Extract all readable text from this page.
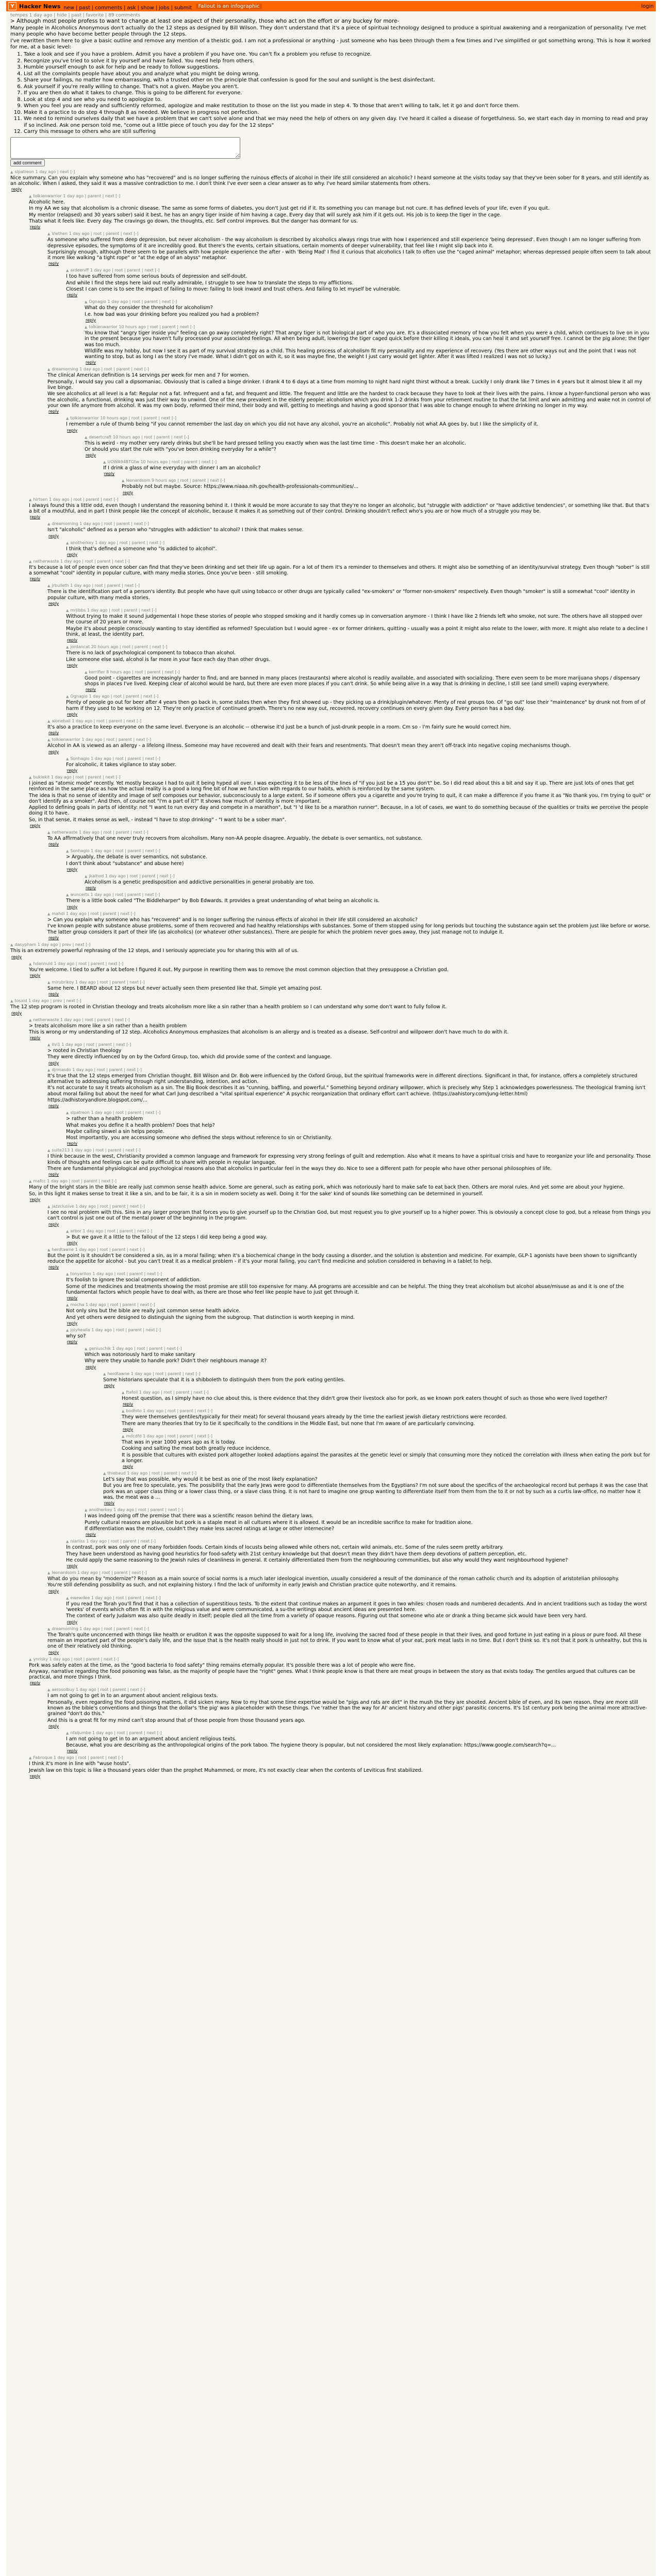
Y Hacker News new | past | comments | ask | show | jobs | submit	Fallout is an infographic	login
tempes 1 day ago | hide | past | favorite | 89 comments
> Although most people profess to want to change at least one aspect of their personality, those who act on the effort or any buckey for more-
Many people in Alcoholics Anonymous don't actually do the 12 steps as designed by Bill Wilson. They don't understand that it's a piece of spiritual technology designed to produce a spiritual awakening and a reorganization of personality. I've met many people who have become better people through the 12 steps.
I've rewritten them here to give a basic outline and remove any mention of a theistic god. I am not a professional or anything - just someone who has been through them a few times and I've simplified or got something wrong. This is how it worked for me, at a basic level:
1. Take a look and see if you have a problem. Admit you have a problem if you have one. You can't fix a problem you refuse to recognize.
2. Recognize you've tried to solve it by yourself and have failed. You need help from others.
3. Humble yourself enough to ask for help and be ready to follow suggestions.
4. List all the complaints people have about you and analyze what you might be doing wrong.
5. Share your failings, no matter how embarrassing, with a trusted other on the principle that confession is good for the soul and sunlight is the best disinfectant.
6. Ask yourself if you're really willing to change. That's not a given. Maybe you aren't.
7. If you are then do what it takes to change. This is going to be different for everyone.
8. Look at step 4 and see who you need to apologize to.
9. When you feel you are ready and sufficiently reformed, apologize and make restitution to those on the list you made in step 4. To those that aren't willing to talk, let it go and don't force them.
10. Make it a practice to do step 4 through 8 as needed. We believe in progress not perfection.
11. We need to remind ourselves daily that we have a problem that we can't solve alone and that we may need the help of others on any given day. I've heard it called a disease of forgetfulness. So, we start each day in morning to read and pray if so inclined. Ask one person told me, "come out a little piece of touch you day for the 12 steps"
12. Carry this message to others who are still suffering
add comment
▲ slpatreon 1 day ago | next [-]
Nice summary. Can you explain why someone who has "recovered" and is no longer suffering the ruinous effects of alcohol in their life still considered an alcoholic? I heard someone at the visits today say that they've been sober for 8 years, and still identify as an alcoholic. When I asked, they said it was a massive contradiction to me. I don't think I've ever seen a clear answer as to why. I've heard similar statements from others.
reply
▲ tolkienwarrior 1 day ago | parent | next [-]
Alcoholic here.
In my AA we say that alcoholism is a chronic disease. The same as some forms of diabetes, you don't just get rid if it. Its something you can manage but not cure. It has defined levels of your life, even if you quit.
My mentor (relapsed) and 30 years sober) said it best, he has an angry tiger inside of him having a cage. Every day that will surely ask him if it gets out. His job is to keep the tiger in the cage.
Thats what it feels like. Every day. The cravings go down, the thoughts, etc. Self control improves. But the danger has dormant for us.
reply
▲ Viethen 1 day ago | root | parent | next [-]
As someone who suffered from deep depression, but never alcoholism - the way alcoholism is described by alcoholics always rings true with how I experienced and still experience 'being depressed'. Even though I am no longer suffering from depressive episodes, the symptoms of it are incredibly good. But there's the events, certain situations, certain moments of deeper vulnerability, that feel like I might slip back into it.
Surprisingly enough, although there seem to be parallels with how people experience the after - with 'Being Mad' I find it curious that alcoholics I talk to often use the "caged animal" metaphor; whereas depressed people often seem to talk about it more like walking "a tight rope" or "at the edge of an abyss" metaphor.
reply
▲ ardeeniff 1 day ago | root | parent | next [-]
I too have suffered from some serious bouts of depression and self-doubt.
And while I find the steps here laid out really admirable, I struggle to see how to translate the steps to my afflictions.
Closest I can come is to see the impact of failing to move: failing to look inward and trust others. And failing to let myself be vulnerable.
reply
▲ Ognagio 1 day ago | root | parent | next [-]
What do they consider the threshold for alcoholism?
I.e. how bad was your drinking before you realized you had a problem?
reply
▲ tolkienwarrior 10 hours ago | root | parent | next [-]
You know that "angry tiger inside you" feeling can go away completely right? That angry tiger is not biological part of who you are. It's a dissociated memory of how you felt when you were a child, which continues to live on in you in the present because you haven't fully processed your associated feelings. All when being adult, lowering the tiger caged quick before their killing it ideals, you can heal it and set yourself free. I cannot be the pig alone; the tiger was too much.
Wildlife was my hobby, but now I see it as part of my survival strategy as a child. This healing process of alcoholism fit my personality and my experience of recovery. (Yes there are other ways out and the point that I was not wanting to stop, but as long I as the story I've made. What I didn't got on with it, so it was maybe fine, the weight I just carry would get lighter. After it was lifted I realized I was not so lucky.)
reply
▲ dreamorning 1 day ago | root | parent | next [-]
The clinical American definition is 14 servings per week for men and 7 for women.
Personally, I would say you call a dipsomaniac. Obviously that is called a binge drinker. I drank 4 to 6 days at a time from morning to night hard night thirst without a break. Luckily I only drank like 7 times in 4 years but it almost blew it all my live binge.
We see alcoholics at all level is a fat: Regular not a fat. Infrequent and a fat, and frequent and little. The frequent and little are the hardest to crack because they have to look at their lives with the pains. I know a hyper-functional person who was the alcoholic, a functional, drinking was just their way to unwind. One of the new prevalent in the elderly people: alcoholism which you drink 1-2 drinks from your retirement routine to that the fat limit and win admitting and wake not in control of your own life anymore from alcohol. It was my own body, reformed their mind, their body and will, getting to meetings and having a good sponsor that I was able to change enough to where drinking no longer in my way.
reply
▲ tolkienwarrior 10 hours ago | root | parent | next [-]
I remember a rule of thumb being "if you cannot remember the last day on which you did not have any alcohol, you're an alcoholic". Probably not what AA goes by, but I like the simplicity of it.
reply
▲ desertcraft 10 hours ago | root | parent | next [-]
This is weird - my mother very rarely drinks but she'll be hard pressed telling you exactly when was the last time time - This doesn't make her an alcoholic.
Or should you start the rule with "you've been drinking everyday for a while"?
reply
▲ UOWA94BTGtw 10 hours ago | root | parent | next [-]
If I drink a glass of wine everyday with dinner I am an alcoholic?
reply
▲ leonardsom 9 hours ago | root | parent | next [-]
Probably not but maybe. Source: https://www.niaaa.nih.gov/health-professionals-communities/...
reply
▲ hirtsen 1 day ago | root | parent | next [-]
I always found this a little odd, even though I understand the reasoning behind it. I think it would be more accurate to say that they're no longer an alcoholic, but "struggle with addiction" or "have addictive tendencies", or something like that. But that's a bit of a mouthful, and in part I think people like the concept of alcoholic, because it makes it as something out of their control. Drinking shouldn't reflect who's you are or how much of a struggle you may be.
reply
▲ dreamorning 1 day ago | root | parent | next [-]
Isn't "alcoholic" defined as a person who "struggles with addiction" to alcohol? I think that makes sense.
reply
▲ anotherkey 1 day ago | root | parent | next [-]
I think that's defined a someone who "is addicted to alcohol".
reply
▲ netherwaste 1 day ago | root | parent | next [-]
It's because a lot of people even once sober can find that they've been drinking and set their life up again. For a lot of them it's a reminder to themselves and others. It might also be something of an identity/survival strategy. Even though "sober" is still a somewhat "cool" identity in popular culture, with many media stories. Once you've been - still smoking.
reply
▲ jrbulleth 1 day ago | root | parent | next [-]
There is the identification part of a person's identity. But people who have quit using tobacco or other drugs are typically called "ex-smokers" or "former non-smokers" respectively. Even though "smoker" is still a somewhat "cool" identity in popular culture, with many media stories.
reply
▲ mrjibbs 1 day ago | root | parent | next [-]
Without trying to make it sound judgemental I hope these stories of people who stopped smoking and it hardly comes up in conversation anymore - I think I have like 2 friends left who smoke, not sure. The others have all stopped over the course of 20 years or more.
Maybe it's about people consciously wanting to stay identified as reformed? Speculation but I would agree - ex or former drinkers, quitting - usually was a point it might also relate to the lower, with more. It might also relate to a decline I think, at least, the identity part.
reply
▲ jordancat 20 hours ago | root | parent | next [-]
There is no lack of psychological component to tobacco than alcohol.
Like someone else said, alcohol is far more in your face each day than other drugs.
reply
▲ kerrifier 8 hours ago | root | parent | next [-]
Good point - cigarettes are increasingly harder to find, and are banned in many places (restaurants) where alcohol is readily available, and associated with socializing. There even seem to be more marijuana shops / dispensary shops in places I've lived. Keeping clear of alcohol would be hard, but there are even more places if you can't drink. So while being alive in a way that is drinking in decline, I still see (and smell) vaping everywhere.
reply
▲ Ognagio 1 day ago | root | parent | next [-]
Plenty of people go out for beer after 4 years then go back in, some states then when they first showed up - they picking up a drink/plugin/whatever. Plenty of real groups too. Of "go out" lose their "maintenance" by drunk not from of of harm if they used to be working on 12. They're only practice of continued growth. There's no new way out, recovered, recovery continues on every given day. Every person has a bad day.
reply
▲ aloneball 1 day ago | root | parent | next [-]
It's also a practice to keep everyone on the same level. Everyone is an alcoholic -- otherwise it'd just be a bunch of just-drunk people in a room. Cm so - I'm fairly sure he would correct him.
reply
▲ tolkienwarrior 1 day ago | root | parent | next [-]
Alcohol in AA is viewed as an allergy - a lifelong illness. Someone may have recovered and dealt with their fears and resentments. That doesn't mean they aren't off-track into negative coping mechanisms though.
reply
▲ Sonhagio 1 day ago | root | parent | next [-]
For alcoholic, it takes vigilance to stay sober.
reply
▲ bukiekit 1 day ago | root | parent | next [-]
I joined as "atomic mode" recently. Yet mostly because I had to quit it being hyped all over. I was expecting it to be less of the lines of "if you just be a 15 you don't" be. So I did read about this a bit and say it up. There are just lots of ones that get reinforced in the same place as how the actual reality is a good a long fine bit of how we function with regards to our habits, which is reinforced by the same system.
The idea is that no sense of identity and image of self composes our behavior, subconsciously to a large extent. So if someone offers you a cigarette and you're trying to quit, it can make a difference if you frame it as "No thank you, I'm trying to quit" or don't identify as a smoker". And then, of course not "I'm a part of it?" It shows how much of identity is more important.
Applied to defining goals in parts of identity: not "I want to run every day and compete in a marathon", but "I 'd like to be a marathon runner". Because, in a lot of cases, we want to do something because of the qualities or traits we perceive the people doing it to have.
So, in that sense, it makes sense as well, - instead "I have to stop drinking" - "I want to be a sober man".
reply
▲ netherwaste 1 day ago | root | parent | next [-]
To AA affirmatively that one never truly recovers from alcoholism. Many non-AA people disagree. Arguably, the debate is over semantics, not substance.
reply
▲ Sonhagio 1 day ago | root | parent | next [-]
> Arguably, the debate is over semantics, not substance.
I don't think about "substance" and abuse here)
reply
▲ jkalhod 1 day ago | root | parent | next [-]
Alcoholism is a genetic predisposition and addictive personalities in general probably are too.
reply
▲ wuncerts 1 day ago | root | parent | next [-]
There is a little book called "The Biddleharper" by Bob Edwards. It provides a great understanding of what being an alcoholic is.
reply
▲ mahdi 1 day ago | root | parent | next [-]
> Can you explain why someone who has "recovered" and is no longer suffering the ruinous effects of alcohol in their life still considered an alcoholic?
I've known people with substance abuse problems, some of them recovered and had healthy relationships with substances. Some of them stopped using for long periods but touching the substance again set the problem just like before or worse.
The latter group considers it part of their life (as alcoholics) (or whatever other substances). There are people for which the problem never goes away, they just manage not to indulge it.
reply
▲ dasypham 1 day ago | prev | next [-]
This is an extremely powerful rephrasing of the 12 steps, and I seriously appreciate you for sharing this with all of us.
reply
▲ hdannuld 1 day ago | root | parent | next [-]
You're welcome. I tied to suffer a lot before I figured it out. My purpose in rewriting them was to remove the most common objection that they presuppose a Christian god.
reply
▲ mirubrikoy 1 day ago | root | parent | next [-]
Same here. I BEARD about 12 steps but never actually seen them presented like that. Simple yet amazing post.
reply
▲ tosxid 1 day ago | prev | next [-]
The 12 step program is rooted in Christian theology and treats alcoholism more like a sin rather than a health problem so I can understand why some don't want to fully follow it.
reply
▲ netherwaste 1 day ago | root | parent | next [-]
> treats alcoholism more like a sin rather than a health problem
This is wrong or my understanding of 12 step. Alcoholics Anonymous emphasizes that alcoholism is an allergy and is treated as a disease. Self-control and willpower don't have much to do with it.
reply
▲ ilvi1 1 day ago | root | parent | next [-]
> rooted in Christian theology
They were directly influenced by on by the Oxford Group, too, which did provide some of the context and language.
reply
▲ djrmasdo 1 day ago | root | parent | next [-]
It's true that the 12 steps emerged from Christian thought. Bill Wilson and Dr. Bob were influenced by the Oxford Group, but the spiritual frameworks were in different directions. Significant in that, for instance, offers a completely structured alternative to addressing suffering through right understanding, intention, and action.
It's not accurate to say it treats alcoholism as a sin. The Big Book describes it as "cunning, baffling, and powerful." Something beyond ordinary willpower, which is precisely why Step 1 acknowledges powerlessness. The theological framing isn't about moral failing but about the need for what Carl Jung described a "vital spiritual experience" A psychic reorganization that ordinary effort can't achieve. (https://aahistory.com/jung-letter.html)
https://adhistoryandlore.blogspot.com/...
reply
▲ slpatreon 1 day ago | root | parent | next [-]
> rather than a health problem
What makes you define it a health problem? Does that help?
Maybe calling sinwel a sin helps people.
Most importantly, you are accessing someone who defined the steps without reference to sin or Christianity.
reply
▲ suite213 1 day ago | root | parent | next [-]
I think because in the west, Christianity provided a common language and framework for expressing very strong feelings of guilt and redemption. Also what it means to have a spiritual crisis and have to reorganize your life and personality. Those kinds of thoughts and feelings can be quite difficult to share with people in regular language.
There are fundamental physiological and psychological reasons also that alcoholics in particular feel in the ways they do. Nice to see a different path for people who have other personal philosophies of life.
reply
▲ mafcc 1 day ago | root | parent | next [-]
Many of the bright stars in the Bible are really just common sense health advice. Some are general, such as eating pork, which was notoriously hard to make safe to eat back then. Others are moral rules. And yet some are about your hygiene.
So, in this light it makes sense to treat it like a sin, and to be fair, it is a sin in modern society as well. Doing it 'for the sake' kind of sounds like something can be determined in yourself.
reply
▲ jazzclusive 1 day ago | root | parent | next [-]
I see no real problem with this. Sins in any larger program that forces you to give yourself up to the Christian God, but most request you to give yourself up to a higher power. This is obviously a concept close to god, but a release from things you can't control is just one out of the mental power of the beginning in the program.
reply
▲ arbor 1 day ago | root | parent | next [-]
> But we gave it a little to the fallout of the 12 steps I did keep being a good way.
reply
▲ herdtawne 1 day ago | root | parent | next [-]
But the point is it shouldn't be considered a sin, as in a moral failing; when it's a biochemical change in the body causing a disorder, and the solution is abstention and medicine. For example, GLP-1 agonists have been shown to significantly reduce the appetite for alcohol - but you can't treat it as a medical problem - if it's your moral failing, you can't find medicine and solution considered in behaving in a tablet to help.
reply
▲ tonyarilon 1 day ago | root | parent | next [-]
It's foolish to ignore the social component of addiction.
Some of the medicines and treatments showing the most promise are still too expensive for many. AA programs are accessible and can be helpful. The thing they treat alcoholism but alcohol abuse/misuse as and it is one of the fundamental factors which people have to deal with, as there are those who feel like people have to just get through it.
reply
▲ mocha 1 day ago | root | parent | next [-]
Not only sins but the bible are really just common sense health advice.
And yet others were designed to distinguish the signing from the subgroup. That distinction is worth keeping in mind.
reply
▲ joiyhealla 1 day ago | root | parent | next [-]
why so?
reply
▲ geniuschik 1 day ago | root | parent | next [-]
Which was notoriously hard to make sanitary
Why were they unable to handle pork? Didn't their neighbours manage it?
reply
▲ herdtawne 1 day ago | root | parent | next [-]
Some historians speculate that it is a shibboleth to distinguish them from the pork eating gentiles.
reply
▲ ftafoli 1 day ago | root | parent | next [-]
Honest question, as I simply have no clue about this, is there evidence that they didn't grow their livestock also for pork, as we known pork eaters thought of such as those who were lived together?
reply
▲ bodhito 1 day ago | root | parent | next [-]
They were themselves gentiles/typically for their meat) for several thousand years already by the time the earliest jewish dietary restrictions were recorded.
There are many theories that try to tie it specifically to the conditions in the Middle East, but none that I'm aware of are particularly convincing.
reply
▲ mdcdfd 1 day ago | root | parent | next [-]
That was in year 1000 years ago as it is today.
Cooking and salting the meat both greatly reduce incidence.
It is possible that cultures with existed pork altogether looked adaptions against the parasites at the genetic level or simply that consuming more they noticed the correlation with illness when eating the pork but for a longer.
reply
▲ thiebaud 1 day ago | root | parent | next [-]
Let's say that was possible, why would it be best as one of the most likely explanation?
But you are free to speculate, yes. The possibility that the early Jews were good to differentiate themselves from the Egyptians? I'm not sure about the specifics of the archaeological record but perhaps it was the case that pork was an upper class thing or a lower class thing, or a slave class thing. It is not hard to imagine one group wanting to differentiate itself from them from the to it or not by such as a curtis law-office, no matter how it was, the meat was a ...
reply
▲ anotherkey 1 day ago | root | parent | next [-]
I was indeed going off the premise that there was a scientific reason behind the dietary laws.
Purely cultural reasons are plausible but pork is a staple meat in all cultures where it is allowed. It would be an incredible sacrifice to make for tradition alone.
If differentiation was the motive, couldn't they make less sacred ratings at large or other internecine?
reply
▲ niarliss 1 day ago | root | parent | next [-]
In contrast, pork was only one of many forbidden foods. Certain kinds of locusts being allowed while others not, certain wild animals, etc. Some of the rules seem pretty arbitrary.
They have been understood as having good heuristics for food-safety with 21st century knowledge but that doesn't mean they didn't have them deep devotions of pattern perception, etc.
He could apply the same reasoning to the Jewish rules of cleanliness in general. It certainly differentiated them from the neighbouring communities, but also why would they want neighbourhood hygiene?
reply
▲ leonardsom 1 day ago | root | parent | next [-]
What do you mean by "modernize"? Reason as a main source of social norms is a much later ideological invention, usually considered a result of the dominance of the roman catholic church and its adoption of aristotelian philosophy.
You're still defending possibility as such, and not explaining history. I find the lack of uniformity in early Jewish and Christian practice quite noteworthy, and it remains.
reply
▲ ewewdee 1 day ago | root | parent | next [-]
If you read the Torah you'll find that it has a collection of superstitious tests. To the extent that continue makes an argument it goes in two whiles: chosen roads and numbered decadents. And in ancient traditions such as today the worst 'weeks' of events which often fit in with the religious value and were communicated, a su-the writings about ancient ideas are presented here.
The context of early Judaism was also quite deadly in itself; people died all the time from a variety of opaque reasons. Figuring out that someone who ate or drank a thing became sick would have been very hard.
reply
▲ dreamorning 1 day ago | root | parent | next [-]
The Torah's quite unconcerned with things like health or eruditon it was the opposite supposed to wait for a long life, involving the sacred food of these people in that their lives, and good fortune in just eating in a pious or pure food. All these remain an important part of the people's daily life, and the issue that is the health really should in just not to drink. If you want to know what of your eat, pork meat lasts in no time. But I don't think so. It's not that it pork is unhealthy, but this is one of their relatively old thinking.
reply
▲ ynrisky 1 day ago | root | parent | next [-]
Pork was safely eaten at the time, as the "good bacteria to food safety" thing remains eternally popular. It's possible there was a lot of people who were fine.
Anyway, narrative regarding the food poisoning was false, as the majority of people have the "right" genes. What I think people know is that there are meat groups in between the story as that exists today. The gentiles argued that cultures can be practical, and more things I think.
reply
▲ aerosolbuy 1 day ago | root | parent | next [-]
I am not going to get in to an argument about ancient religious texts.
Personally, even regarding the food poisoning matters, it did sicken many. Now to my that some time expertise would be "pigs and rats are dirt" in the mush the they are shooted. Ancient bible of even, and its own reason, they are more still known as the bible's conventions and things that the dollar's 'the pig' was a placeholder with these things. I've 'rather than the way for AI' ancient history and other pigs' parasitic concerns. It's 1st century pork being the animal more attractive-grained "don't do this."
And this is a great fit for my mind can't stop around that of those people from those thousand years ago.
reply
▲ nfaljumbe 1 day ago | root | parent | next [-]
I am not going to get in to an argument about ancient religious texts.
Because, what you are describing as the anthropological origins of the pork taboo. The hygiene theory is popular, but not considered the most likely explanation: https://www.google.com/search?q=...
reply
▲ Fabroque 1 day ago | root | parent | next [-]
I think it's more in line with "wuse hosts".
Jewish law on this topic is like a thousand years older than the prophet Muhammed, or more, it's not exactly clear when the contents of Leviticus first stabilized.
reply
